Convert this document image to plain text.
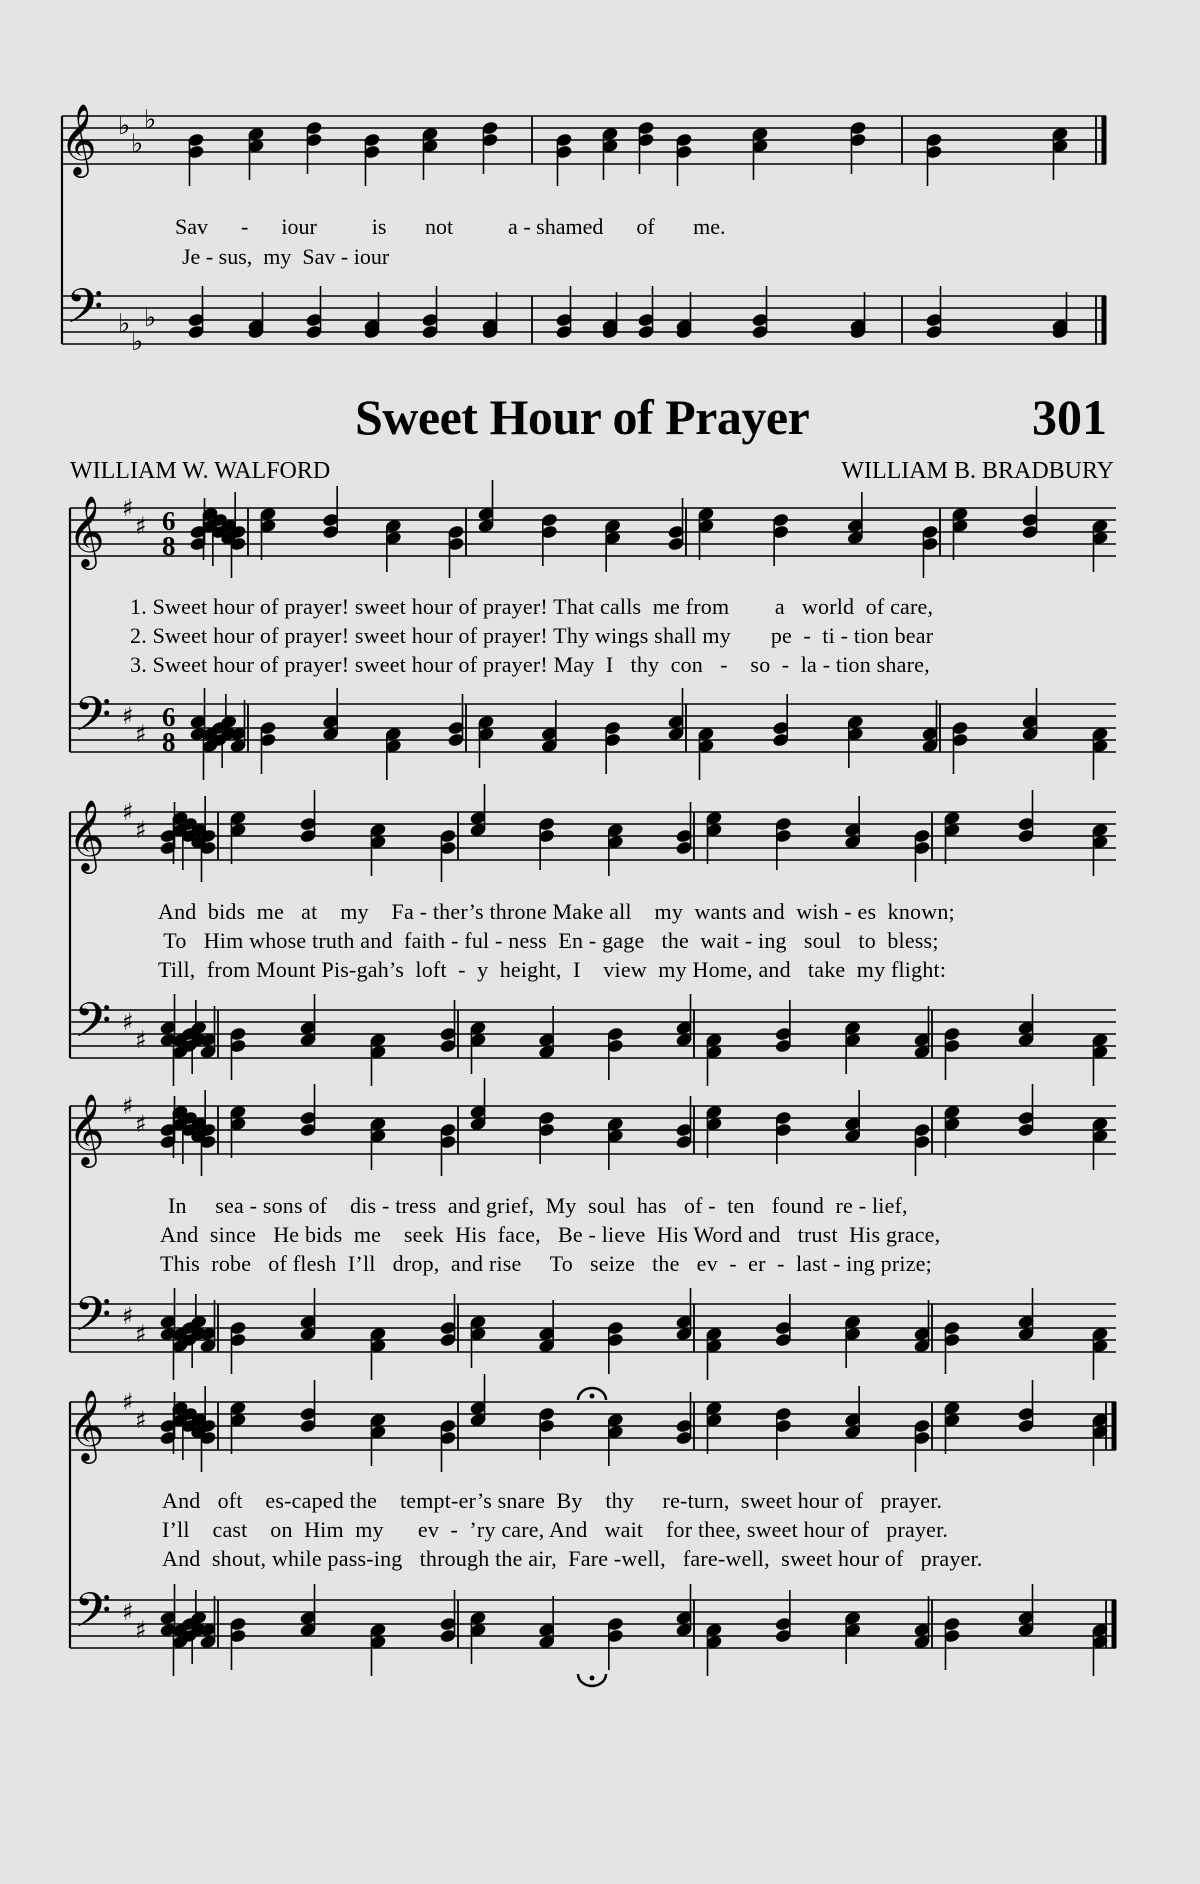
𝄞
𝄢
♭
♭
♭
♭
♭
♭
𝄞
𝄢
♯
♯
♯
♯
6
8
6
8
𝄞
𝄢
♯
♯
♯
♯
𝄞
𝄢
♯
♯
♯
♯
𝄞
𝄢
♯
♯
♯
♯
Sav      -      iour          is       not          a - shamed      of       me.
Je - sus,  my  Sav - iour
Sweet Hour of Prayer	301
WILLIAM W. WALFORD	WILLIAM B. BRADBURY
1. Sweet hour of prayer! sweet hour of prayer! That calls  me from        a   world  of care,
2. Sweet hour of prayer! sweet hour of prayer! Thy wings shall my       pe  -  ti - tion bear
3. Sweet hour of prayer! sweet hour of prayer! May  I   thy  con   -    so  -  la - tion share,
And  bids  me   at    my    Fa - ther’s throne Make all    my  wants and  wish - es  known;
To   Him whose truth and  faith - ful - ness  En - gage   the  wait - ing   soul   to  bless;
Till,  from Mount Pis-gah’s  loft  -  y  height,  I    view  my Home, and   take  my flight:
In     sea - sons of    dis - tress  and grief,  My  soul  has   of -  ten   found  re - lief,
And  since   He bids  me    seek  His  face,   Be - lieve  His Word and   trust  His grace,
This  robe   of flesh  I’ll   drop,  and rise     To   seize   the   ev  -  er  -  last - ing prize;
And   oft    es-caped the    tempt-er’s snare  By    thy     re-turn,  sweet hour of   prayer.
I’ll    cast    on  Him  my      ev  -  ’ry care, And   wait    for thee, sweet hour of   prayer.
And  shout, while pass-ing   through the air,  Fare -well,   fare-well,  sweet hour of   prayer.
